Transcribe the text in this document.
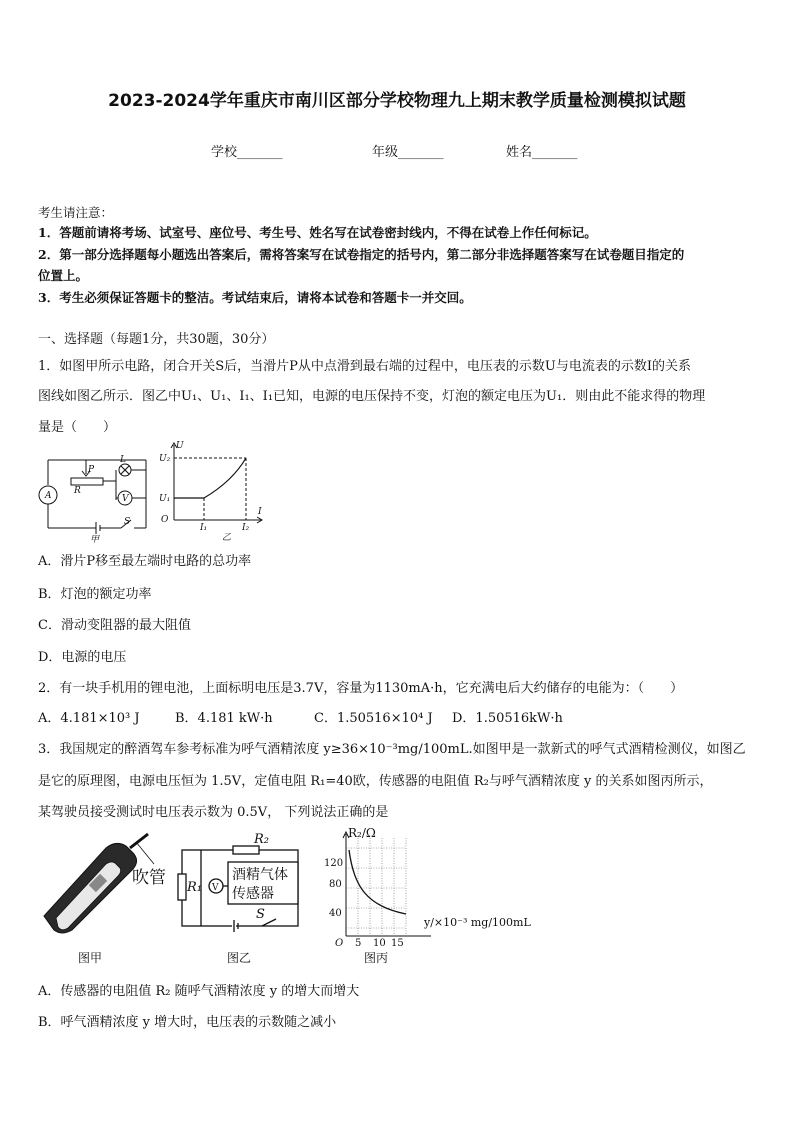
2023-2024学年重庆市南川区部分学校物理九上期末教学质量检测模拟试题
学校_______	年级_______	姓名_______
考生请注意：
1．答题前请将考场、试室号、座位号、考生号、姓名写在试卷密封线内，不得在试卷上作任何标记。
2．第一部分选择题每小题选出答案后，需将答案写在试卷指定的括号内，第二部分非选择题答案写在试卷题目指定的
位置上。
3．考生必须保证答题卡的整洁。考试结束后，请将本试卷和答题卡一并交回。
一、选择题（每题1分，共30题，30分）
1．如图甲所示电路，闭合开关S后，当滑片P从中点滑到最右端的过程中，电压表的示数U与电流表的示数I的关系
图线如图乙所示．图乙中U₁、U₁、I₁、I₁已知，电源的电压保持不变，灯泡的额定电压为U₁．则由此不能求得的物理
量是（　　）
A
P
R
L
V
S
甲
U
I
U₂
U₁
O
I₁	I₂
乙
A．滑片P移至最左端时电路的总功率
B．灯泡的额定功率
C．滑动变阻器的最大阻值
D．电源的电压
2．有一块手机用的锂电池，上面标明电压是3.7V，容量为1130mA·h，它充满电后大约储存的电能为：（　　）
A．4.181×10³ J	B．4.181 kW·h	C．1.50516×10⁴ J D．1.50516kW·h
3．我国规定的醉酒驾车参考标准为呼气酒精浓度 y≥36×10⁻³mg/100mL.如图甲是一款新式的呼气式酒精检测仪，如图乙
是它的原理图，电源电压恒为 1.5V，定值电阻 R₁=40欧，传感器的电阻值 R₂与呼气酒精浓度 y 的关系如图丙所示，
某驾驶员接受测试时电压表示数为 0.5V， 下列说法正确的是
吹管
图甲
R₂
R₁ V
酒精气体
传感器
S
图乙
R₂/Ω
120
80
40
O 5 10 15
y/×10⁻³ mg/100mL
图丙
A．传感器的电阻值 R₂ 随呼气酒精浓度 y 的增大而增大
B．呼气酒精浓度 y 增大时，电压表的示数随之减小
